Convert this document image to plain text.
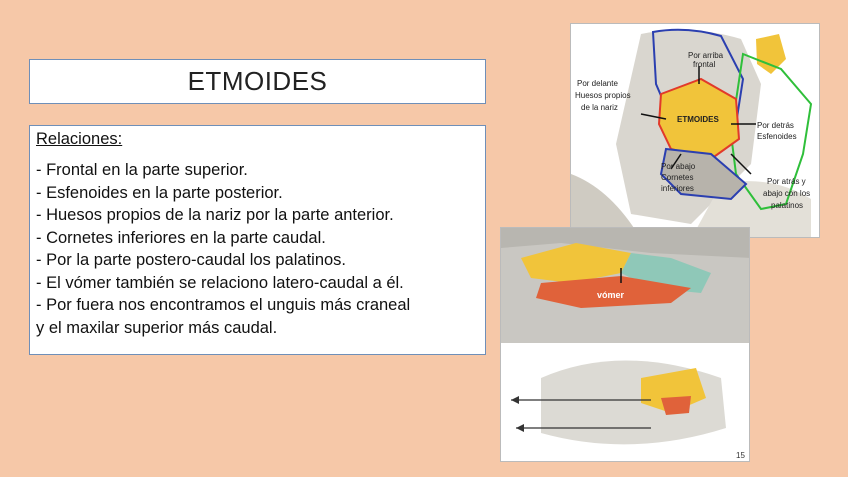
ETMOIDES
Relaciones:
- Frontal en la parte superior.
- Esfenoides en la parte posterior.
- Huesos propios de la nariz por la parte anterior.
- Cornetes inferiores en la parte caudal.
- Por la parte postero-caudal los palatinos.
- El vómer también se relaciono latero-caudal a él.
- Por fuera nos encontramos el unguis más craneal
y el maxilar superior más caudal.
Por arriba
frontal
Por delante
Huesos propios
de la nariz
ETMOIDES
Por detrás
Esfenoides
Por abajo
Cornetes
inferiores
Por atrás y
abajo con los
palatinos
vómer
15
